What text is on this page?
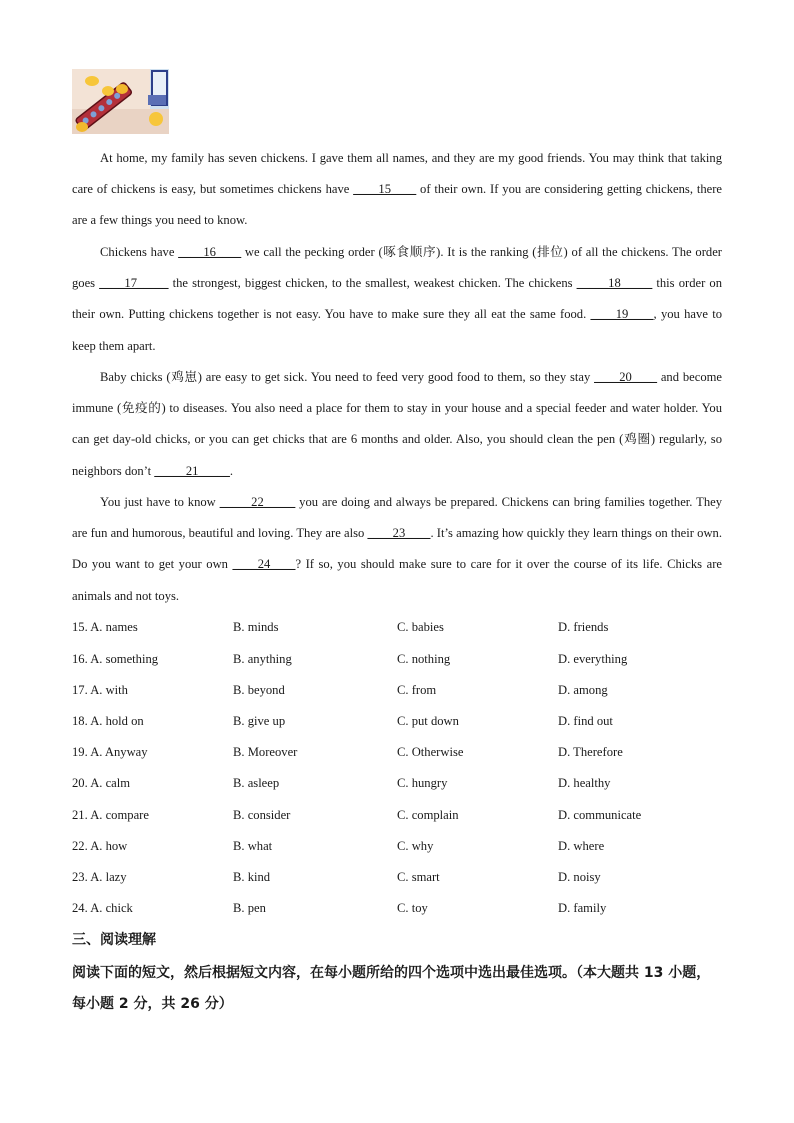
At home, my family has seven chickens. I gave them all names, and they are my good friends. You may think that taking care of chickens is easy, but sometimes chickens have ____15____ of their own. If you are considering getting chickens, there are a few things you need to know.

Chickens have ____16____ we call the pecking order (啄食顺序). It is the ranking (排位) of all the chickens. The order goes ____17_____ the strongest, biggest chicken, to the smallest, weakest chicken. The chickens _____18_____ this order on their own. Putting chickens together is not easy. You have to make sure they all eat the same food. ____19____, you have to keep them apart.

Baby chicks (鸡崽) are easy to get sick. You need to feed very good food to them, so they stay ____20____ and become immune (免疫的) to diseases. You also need a place for them to stay in your house and a special feeder and water holder. You can get day-old chicks, or you can get chicks that are 6 months and older. Also, you should clean the pen (鸡圈) regularly, so neighbors don’t _____21_____.

You just have to know _____22_____ you are doing and always be prepared. Chickens can bring families together. They are fun and humorous, beautiful and loving. They are also ____23____. It’s amazing how quickly they learn things on their own. Do you want to get your own ____24____? If so, you should make sure to care for it over the course of its life. Chicks are animals and not toys.

15. A. names	B. minds	C. babies	D. friends
16. A. something	B. anything	C. nothing	D. everything
17. A. with	B. beyond	C. from	D. among
18. A. hold on	B. give up	C. put down	D. find out
19. A. Anyway	B. Moreover	C. Otherwise	D. Therefore
20. A. calm	B. asleep	C. hungry	D. healthy
21. A. compare	B. consider	C. complain	D. communicate
22. A. how	B. what	C. why	D. where
23. A. lazy	B. kind	C. smart	D. noisy
24. A. chick	B. pen	C. toy	D. family
三、阅读理解

阅读下面的短文，然后根据短文内容，在每小题所给的四个选项中选出最佳选项。（本大题共 13 小题，每小题 2 分，共 26 分）
